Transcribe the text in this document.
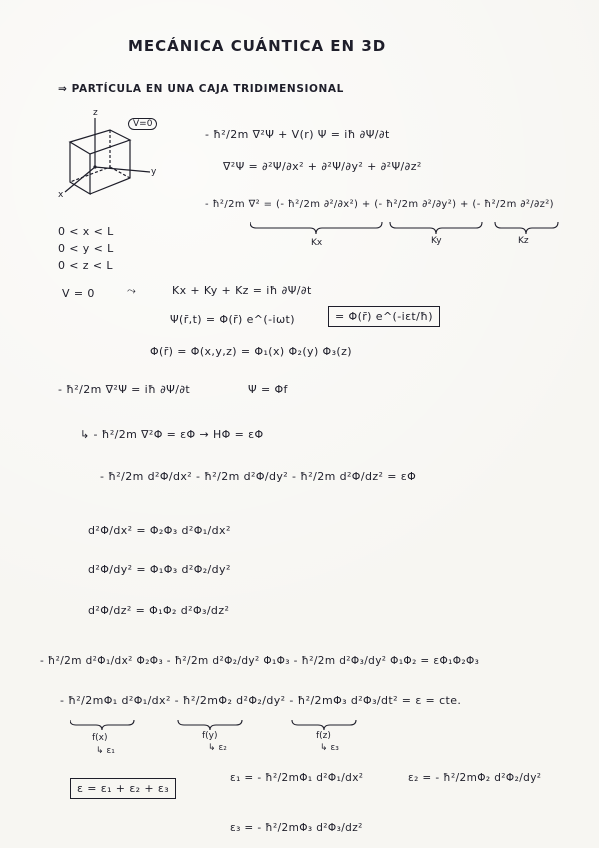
MECÁNICA CUÁNTICA EN 3D
⇒ PARTÍCULA EN UNA CAJA TRIDIMENSIONAL
z
y
x
V=0
0 < x < L
0 < y < L
0 < z < L
V = 0
- ħ²/2m ∇²Ψ + V(r) Ψ = iħ ∂Ψ/∂t
∇²Ψ = ∂²Ψ/∂x² + ∂²Ψ/∂y² + ∂²Ψ/∂z²
- ħ²/2m ∇² = (- ħ²/2m ∂²/∂x²) + (- ħ²/2m ∂²/∂y²) + (- ħ²/2m ∂²/∂z²)
Kx	Ky	Kz
⤳	Kx + Ky + Kz = iħ ∂Ψ/∂t
Ψ(r̄,t) = Φ(r̄) e^(-iωt)	= Φ(r̄) e^(-iεt/ħ)
Φ(r̄) = Φ(x,y,z) = Φ₁(x) Φ₂(y) Φ₃(z)
- ħ²/2m ∇²Ψ = iħ ∂Ψ/∂t	Ψ = Φf
↳ - ħ²/2m ∇²Φ = εΦ → HΦ = εΦ
- ħ²/2m d²Φ/dx² - ħ²/2m d²Φ/dy² - ħ²/2m d²Φ/dz² = εΦ
d²Φ/dx² = Φ₂Φ₃ d²Φ₁/dx²
d²Φ/dy² = Φ₁Φ₃ d²Φ₂/dy²
d²Φ/dz² = Φ₁Φ₂ d²Φ₃/dz²
- ħ²/2m d²Φ₁/dx² Φ₂Φ₃ - ħ²/2m d²Φ₂/dy² Φ₁Φ₃ - ħ²/2m d²Φ₃/dy² Φ₁Φ₂ = εΦ₁Φ₂Φ₃
- ħ²/2mΦ₁ d²Φ₁/dx² - ħ²/2mΦ₂ d²Φ₂/dy² - ħ²/2mΦ₃ d²Φ₃/dt² = ε = cte.
f(x)	f(y)	f(z)
↳ ε₁	↳ ε₂	↳ ε₃
ε = ε₁ + ε₂ + ε₃
ε₁ = - ħ²/2mΦ₁ d²Φ₁/dx²	ε₂ = - ħ²/2mΦ₂ d²Φ₂/dy²
ε₃ = - ħ²/2mΦ₃ d²Φ₃/dz²
